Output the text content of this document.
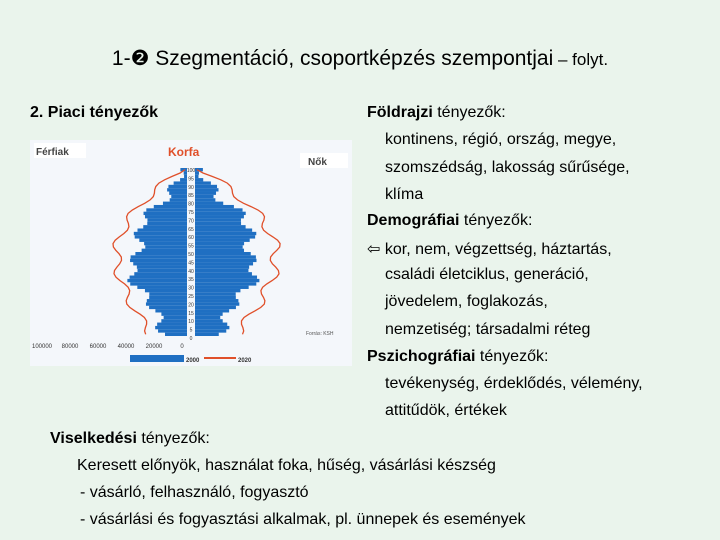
1-❷ Szegmentáció, csoportképzés szempontjai – folyt.
2. Piaci tényezők
Férfiak
Nők
Korfa
100
95
90
85
80
75
70
65
60
55
50
45
40
35
30
25
20
15
10
5
0
100000 80000 60000 40000 20000	0
Forrás: KSH
2000	2020
Földrajzi tényezők:
kontinens, régió, ország, megye,
szomszédság, lakosság sűrűsége,
klíma
Demográfiai tényezők:
⇦ kor, nem, végzettség, háztartás,
családi életciklus, generáció,
jövedelem, foglakozás,
nemzetiség; társadalmi réteg
Pszichográfiai tényezők:
tevékenység, érdeklődés, vélemény,
attitűdök, értékek
Viselkedési tényezők:
Keresett előnyök, használat foka, hűség, vásárlási készség
- vásárló, felhasználó, fogyasztó
- vásárlási és fogyasztási alkalmak, pl. ünnepek és események
